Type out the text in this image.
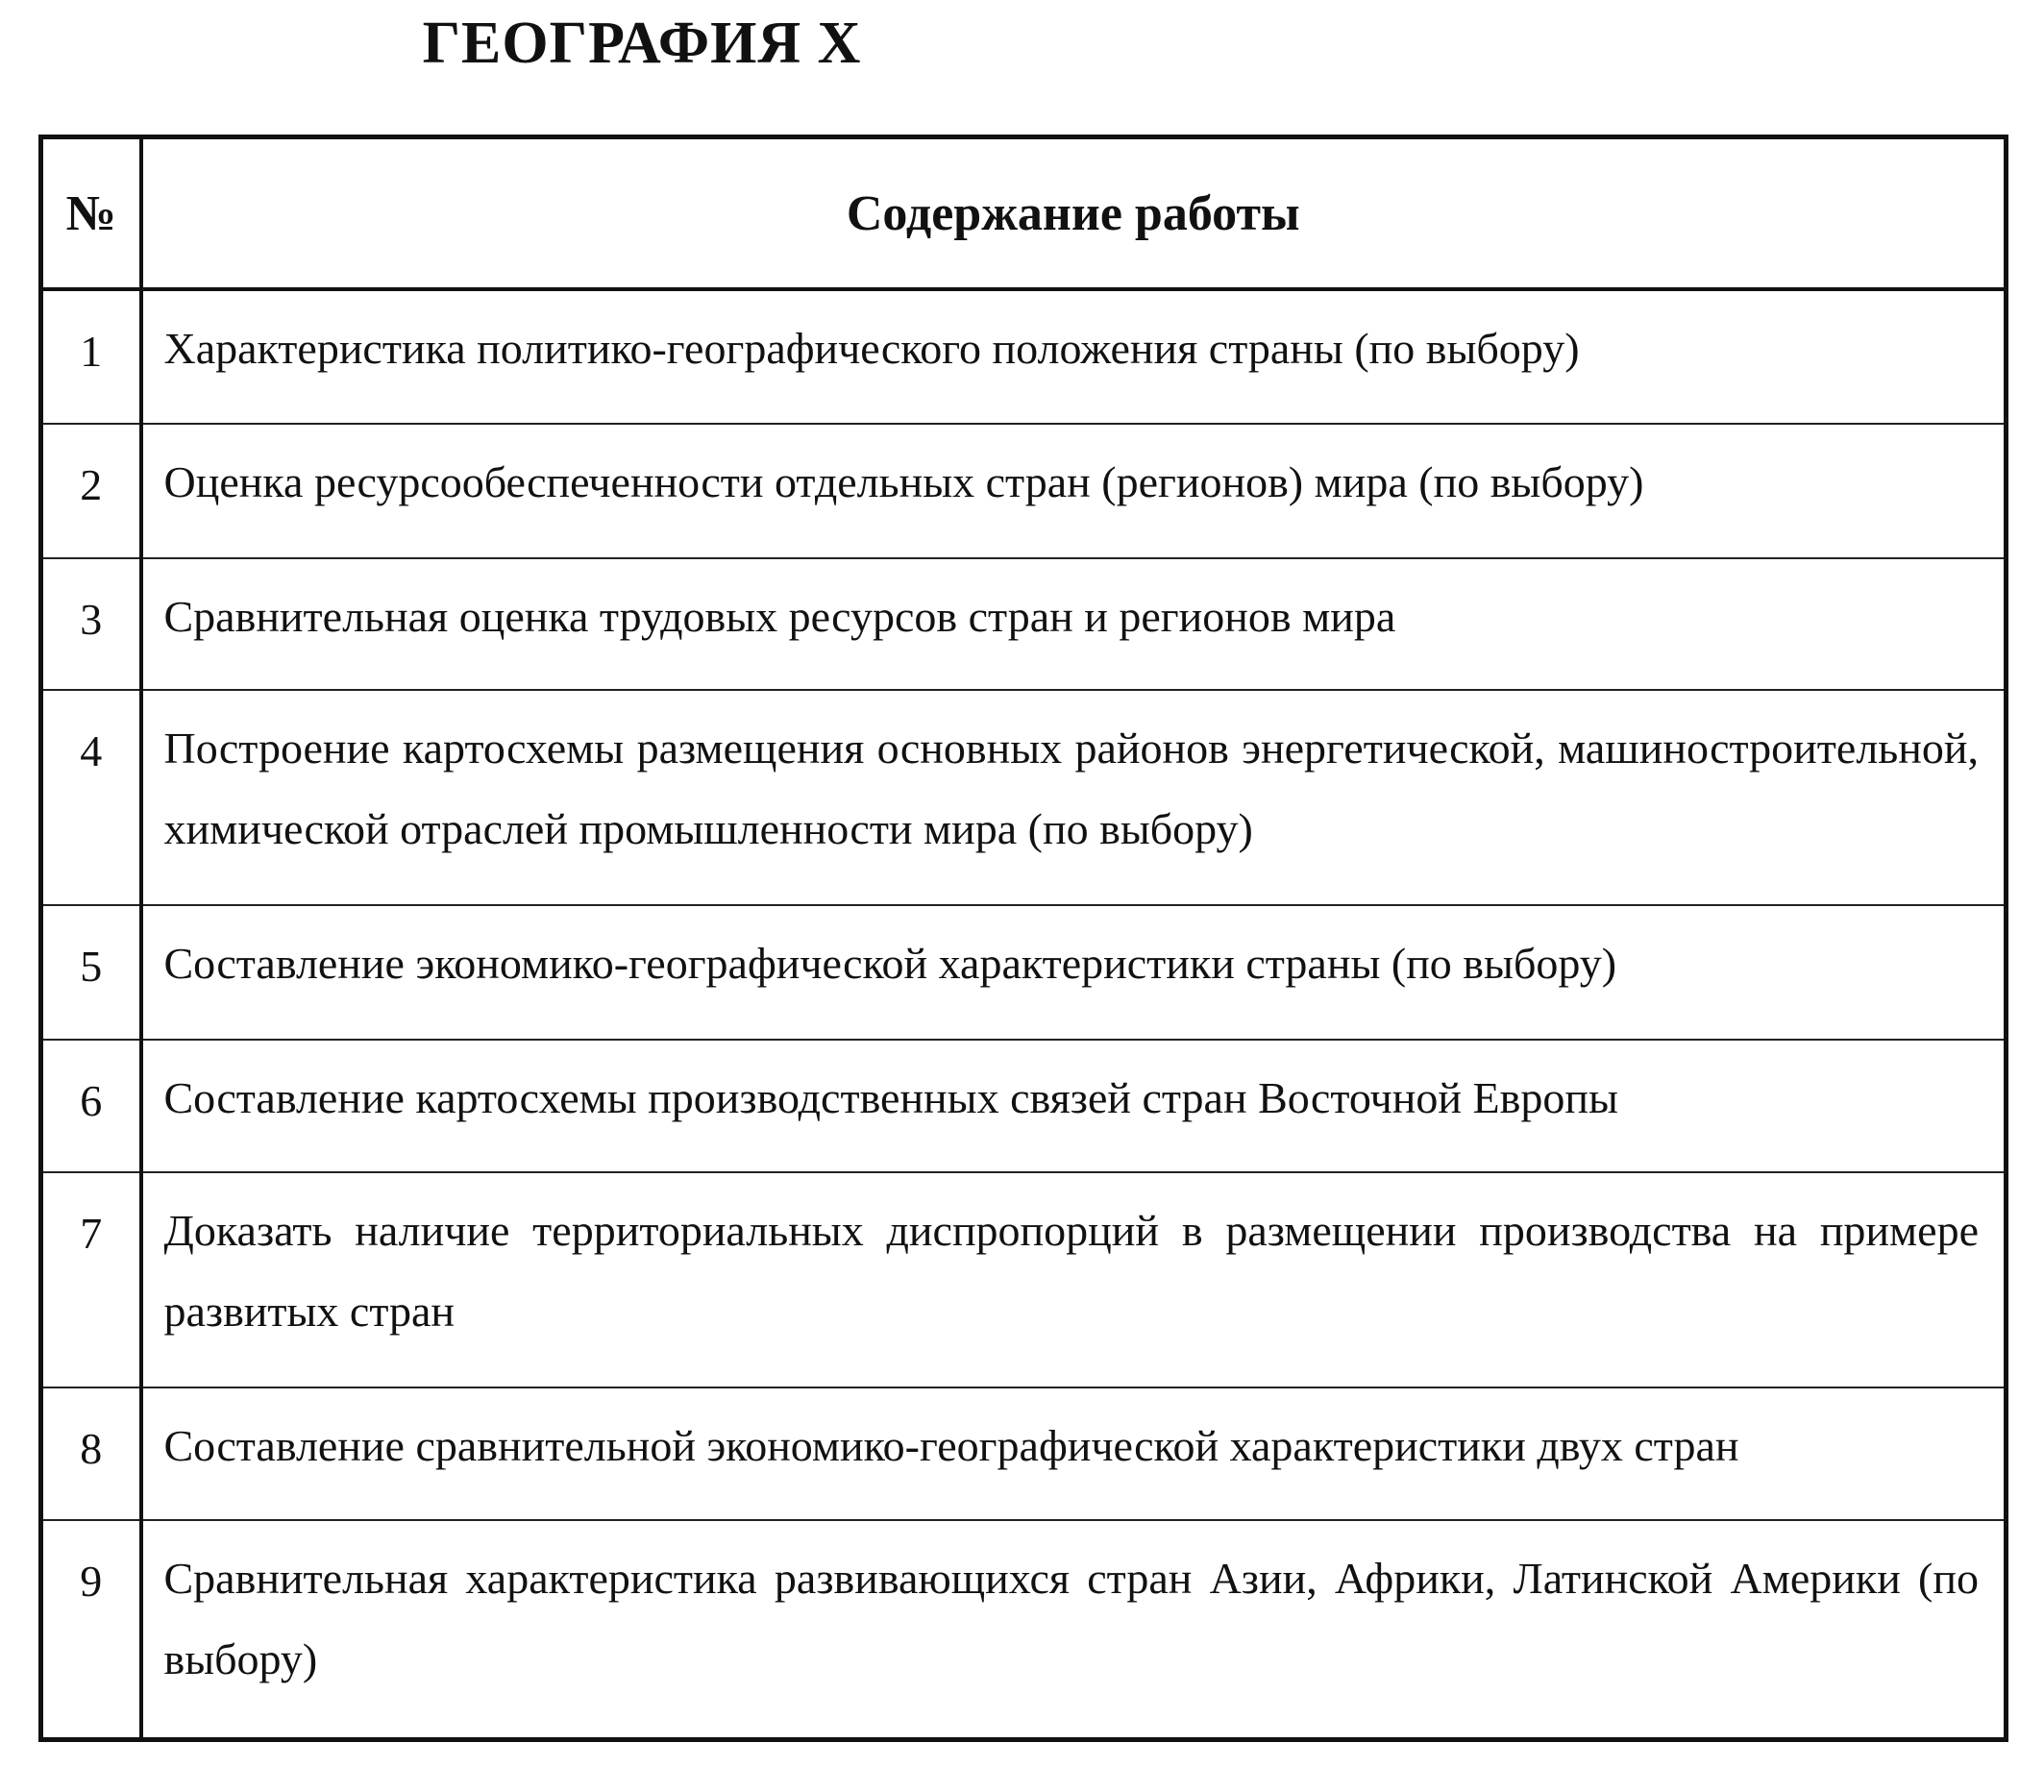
ГЕОГРАФИЯ X
№	Содержание работы
1	Характеристика политико-географического положения страны (по выбору)
2	Оценка ресурсообеспеченности отдельных стран (регионов) мира (по выбору)
3	Сравнительная оценка трудовых ресурсов стран и регионов мира
4	Построение картосхемы размещения основных районов энергетической, машиностроительной, химической отраслей промышленности мира (по выбору)
5	Составление экономико-географической характеристики страны (по выбору)
6	Составление картосхемы производственных связей стран Восточной Европы
7	Доказать наличие территориальных диспропорций в размещении производства на примере развитых стран
8	Составление сравнительной экономико-географической характеристики двух стран
9	Сравнительная характеристика развивающихся стран Азии, Африки, Латинской Америки (по выбору)
